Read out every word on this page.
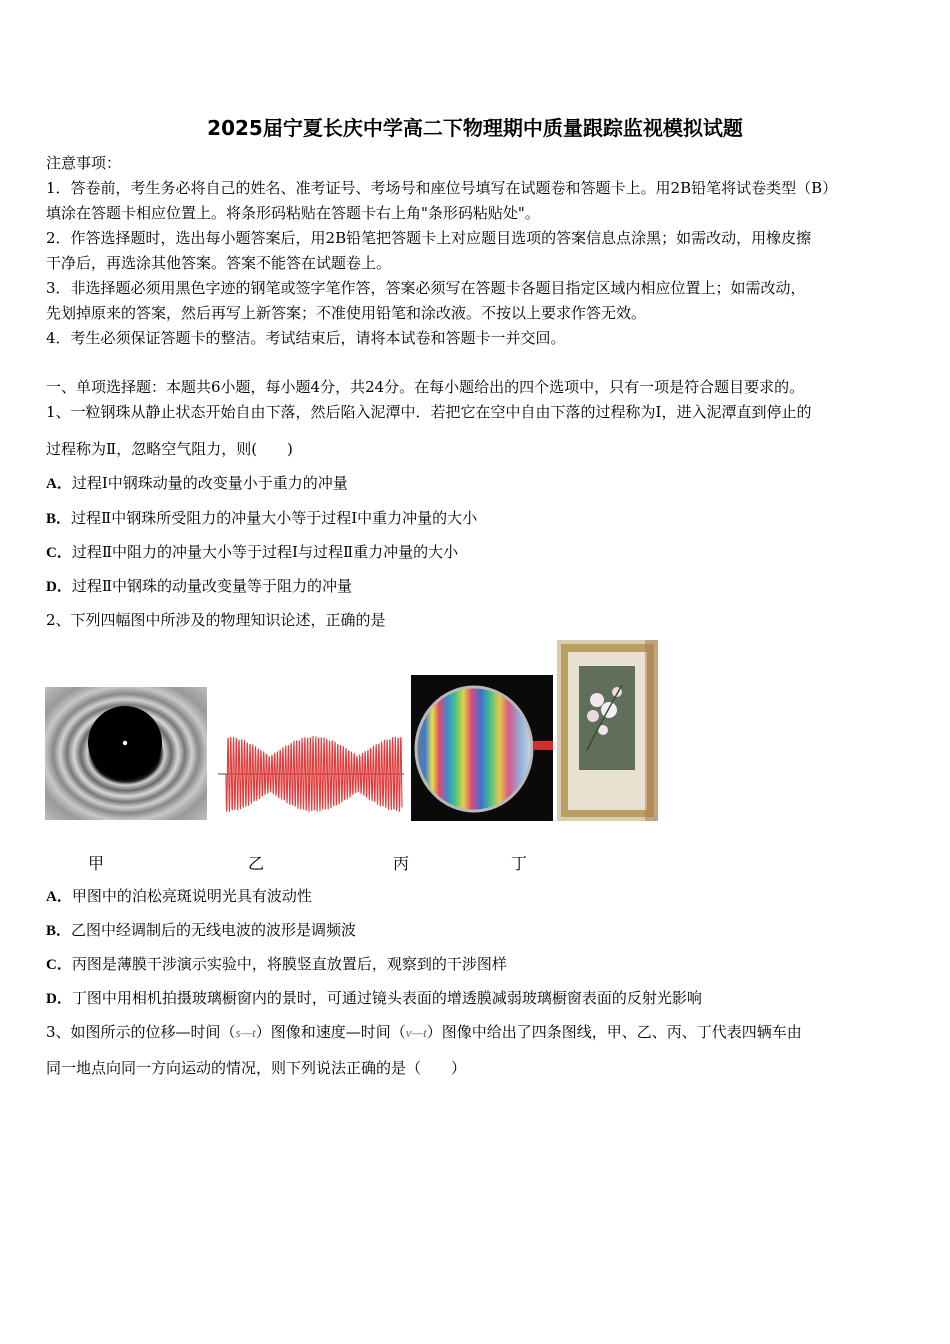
2025届宁夏长庆中学高二下物理期中质量跟踪监视模拟试题
注意事项：
1．答卷前，考生务必将自己的姓名、准考证号、考场号和座位号填写在试题卷和答题卡上。用2B铅笔将试卷类型（B）
填涂在答题卡相应位置上。将条形码粘贴在答题卡右上角"条形码粘贴处"。
2．作答选择题时，选出每小题答案后，用2B铅笔把答题卡上对应题目选项的答案信息点涂黑；如需改动，用橡皮擦
干净后，再选涂其他答案。答案不能答在试题卷上。
3．非选择题必须用黑色字迹的钢笔或签字笔作答，答案必须写在答题卡各题目指定区域内相应位置上；如需改动，
先划掉原来的答案，然后再写上新答案；不准使用铅笔和涂改液。不按以上要求作答无效。
4．考生必须保证答题卡的整洁。考试结束后，请将本试卷和答题卡一并交回。
一、单项选择题：本题共6小题，每小题4分，共24分。在每小题给出的四个选项中，只有一项是符合题目要求的。
1、一粒钢珠从静止状态开始自由下落，然后陷入泥潭中．若把它在空中自由下落的过程称为Ⅰ，进入泥潭直到停止的
过程称为Ⅱ，忽略空气阻力，则(　　)
A．过程Ⅰ中钢珠动量的改变量小于重力的冲量
B．过程Ⅱ中钢珠所受阻力的冲量大小等于过程Ⅰ中重力冲量的大小
C．过程Ⅱ中阻力的冲量大小等于过程Ⅰ与过程Ⅱ重力冲量的大小
D．过程Ⅱ中钢珠的动量改变量等于阻力的冲量
2、下列四幅图中所涉及的物理知识论述，正确的是
甲	乙	丙	丁
A．甲图中的泊松亮斑说明光具有波动性
B．乙图中经调制后的无线电波的波形是调频波
C．丙图是薄膜干涉演示实验中，将膜竖直放置后，观察到的干涉图样
D．丁图中用相机拍摄玻璃橱窗内的景时，可通过镜头表面的增透膜减弱玻璃橱窗表面的反射光影响
3、如图所示的位移—时间（s—t）图像和速度—时间（v—t）图像中给出了四条图线，甲、乙、丙、丁代表四辆车由
同一地点向同一方向运动的情况，则下列说法正确的是（　　）
